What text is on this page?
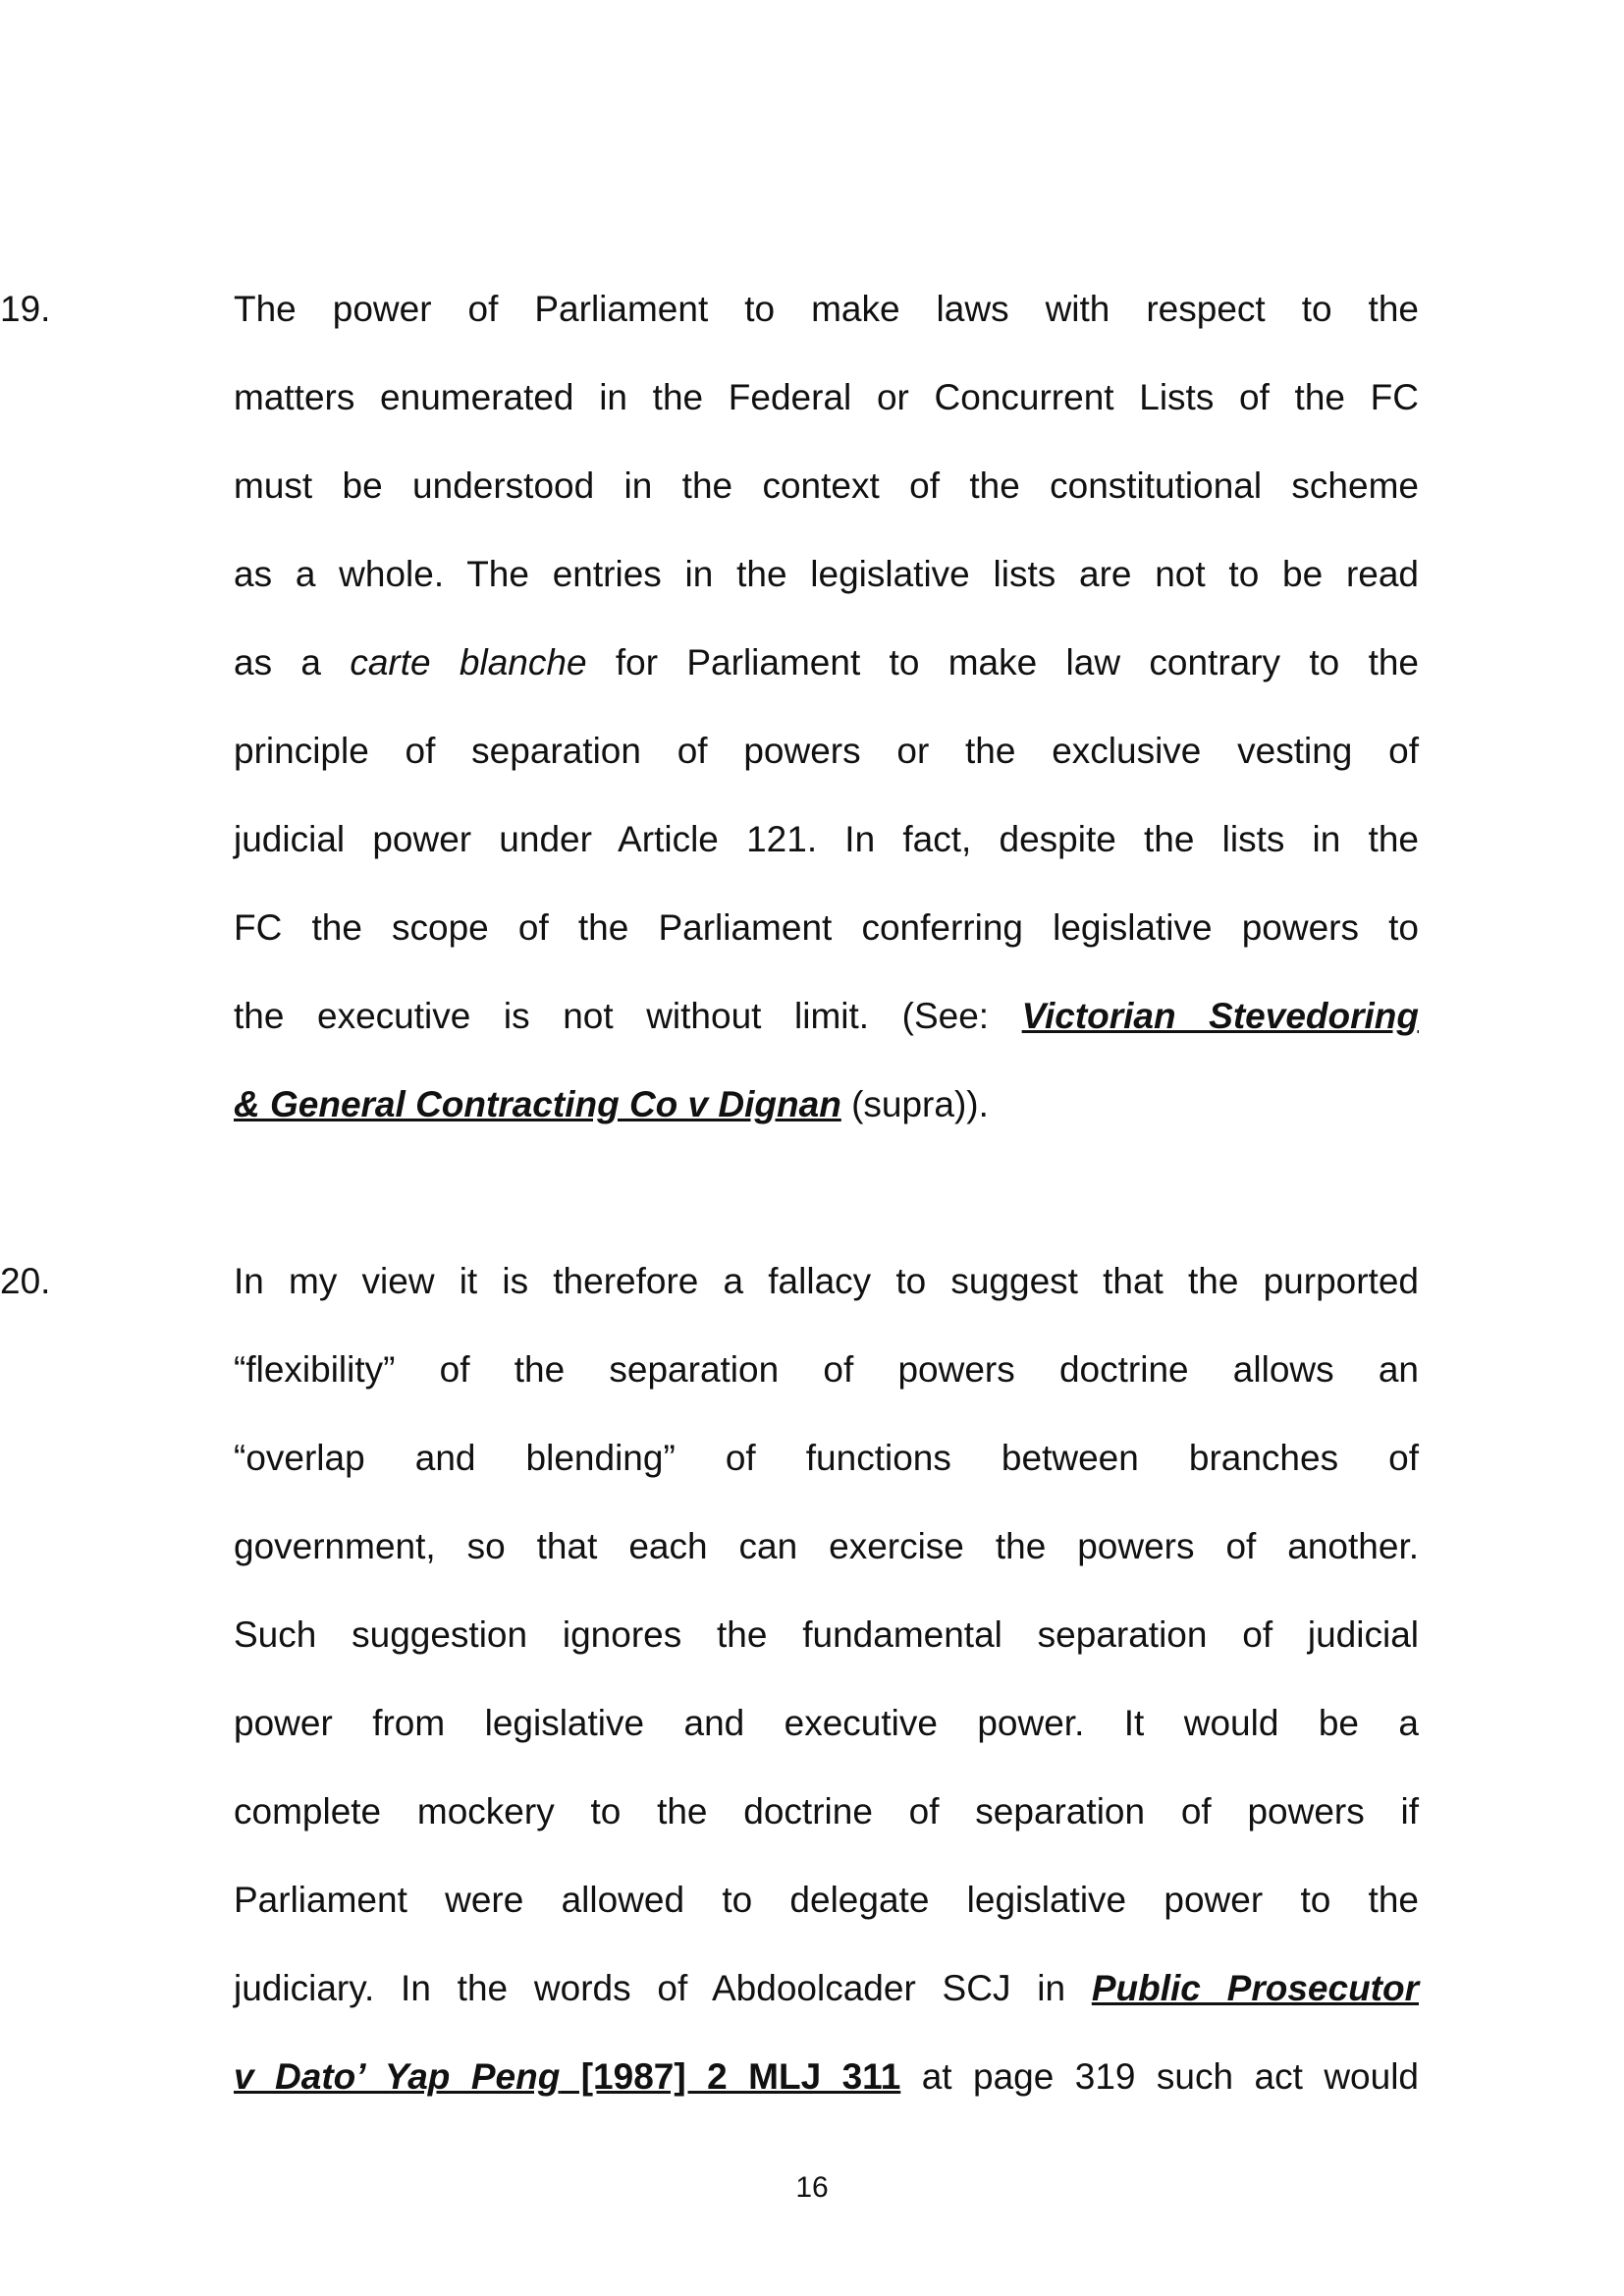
19.	The power of Parliament to make laws with respect to the
matters enumerated in the Federal or Concurrent Lists of the FC
must be understood in the context of the constitutional scheme
as a whole. The entries in the legislative lists are not to be read
as a carte blanche for Parliament to make law contrary to the
principle of separation of powers or the exclusive vesting of
judicial power under Article 121. In fact, despite the lists in the
FC the scope of the Parliament conferring legislative powers to
the executive is not without limit. (See: Victorian Stevedoring
& General Contracting Co v Dignan (supra)).
20.	In my view it is therefore a fallacy to suggest that the purported
“flexibility” of the separation of powers doctrine allows an
“overlap and blending” of functions between branches of
government, so that each can exercise the powers of another.
Such suggestion ignores the fundamental separation of judicial
power from legislative and executive power. It would be a
complete mockery to the doctrine of separation of powers if
Parliament were allowed to delegate legislative power to the
judiciary. In the words of Abdoolcader SCJ in Public Prosecutor
v Dato’ Yap Peng [1987] 2 MLJ 311 at page 319 such act would
16
